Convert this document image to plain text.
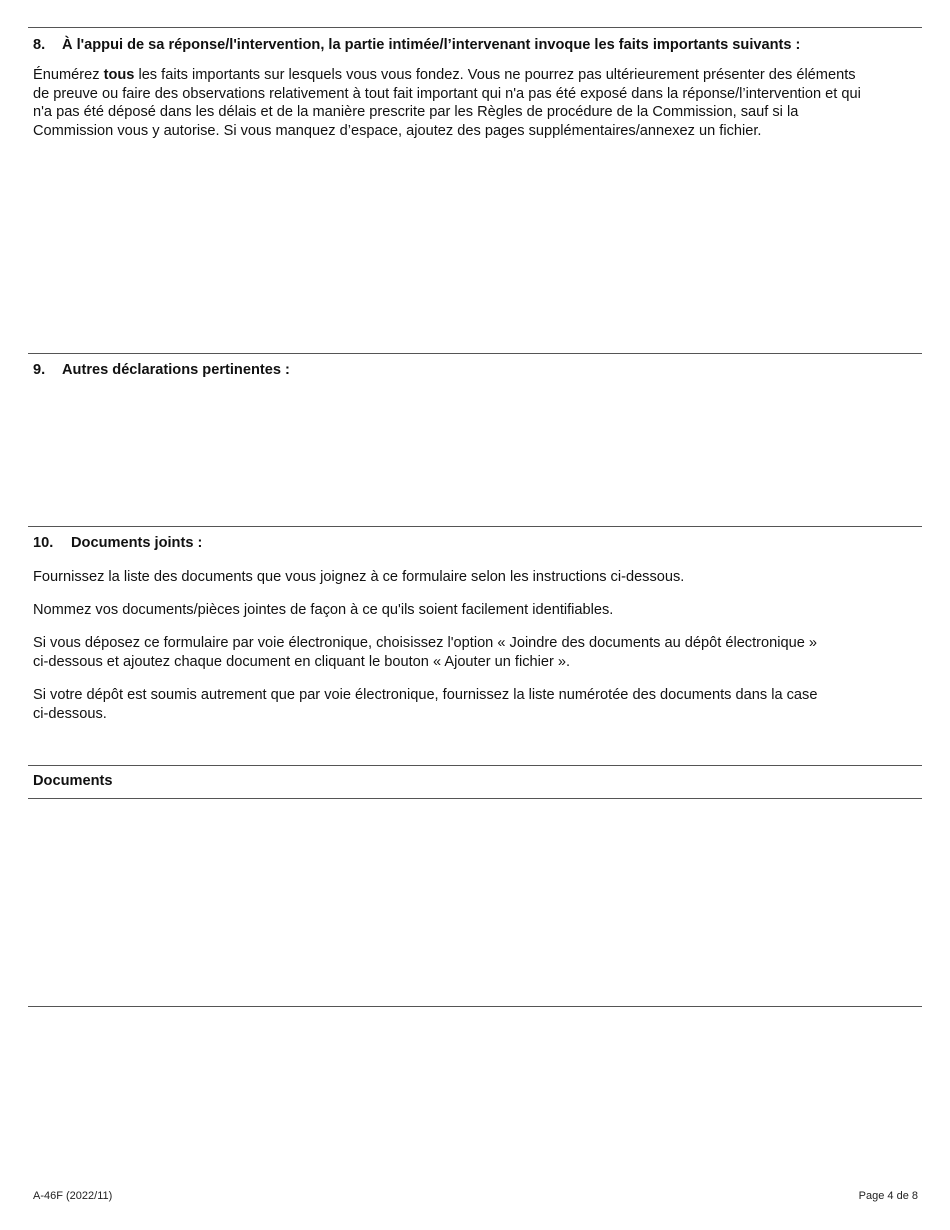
8. À l'appui de sa réponse/l'intervention, la partie intimée/l’intervenant invoque les faits importants suivants :
Énumérez tous les faits importants sur lesquels vous vous fondez. Vous ne pourrez pas ultérieurement présenter des éléments
de preuve ou faire des observations relativement à tout fait important qui n'a pas été exposé dans la réponse/l’intervention et qui
n'a pas été déposé dans les délais et de la manière prescrite par les Règles de procédure de la Commission, sauf si la
Commission vous y autorise. Si vous manquez d’espace, ajoutez des pages supplémentaires/annexez un fichier.
9. Autres déclarations pertinentes :
10. Documents joints :
Fournissez la liste des documents que vous joignez à ce formulaire selon les instructions ci-dessous.
Nommez vos documents/pièces jointes de façon à ce qu'ils soient facilement identifiables.
Si vous déposez ce formulaire par voie électronique, choisissez l'option « Joindre des documents au dépôt électronique »
ci-dessous et ajoutez chaque document en cliquant le bouton « Ajouter un fichier ».
Si votre dépôt est soumis autrement que par voie électronique, fournissez la liste numérotée des documents dans la case
ci-dessous.
Documents
A-46F (2022/11)	Page 4 de 8
